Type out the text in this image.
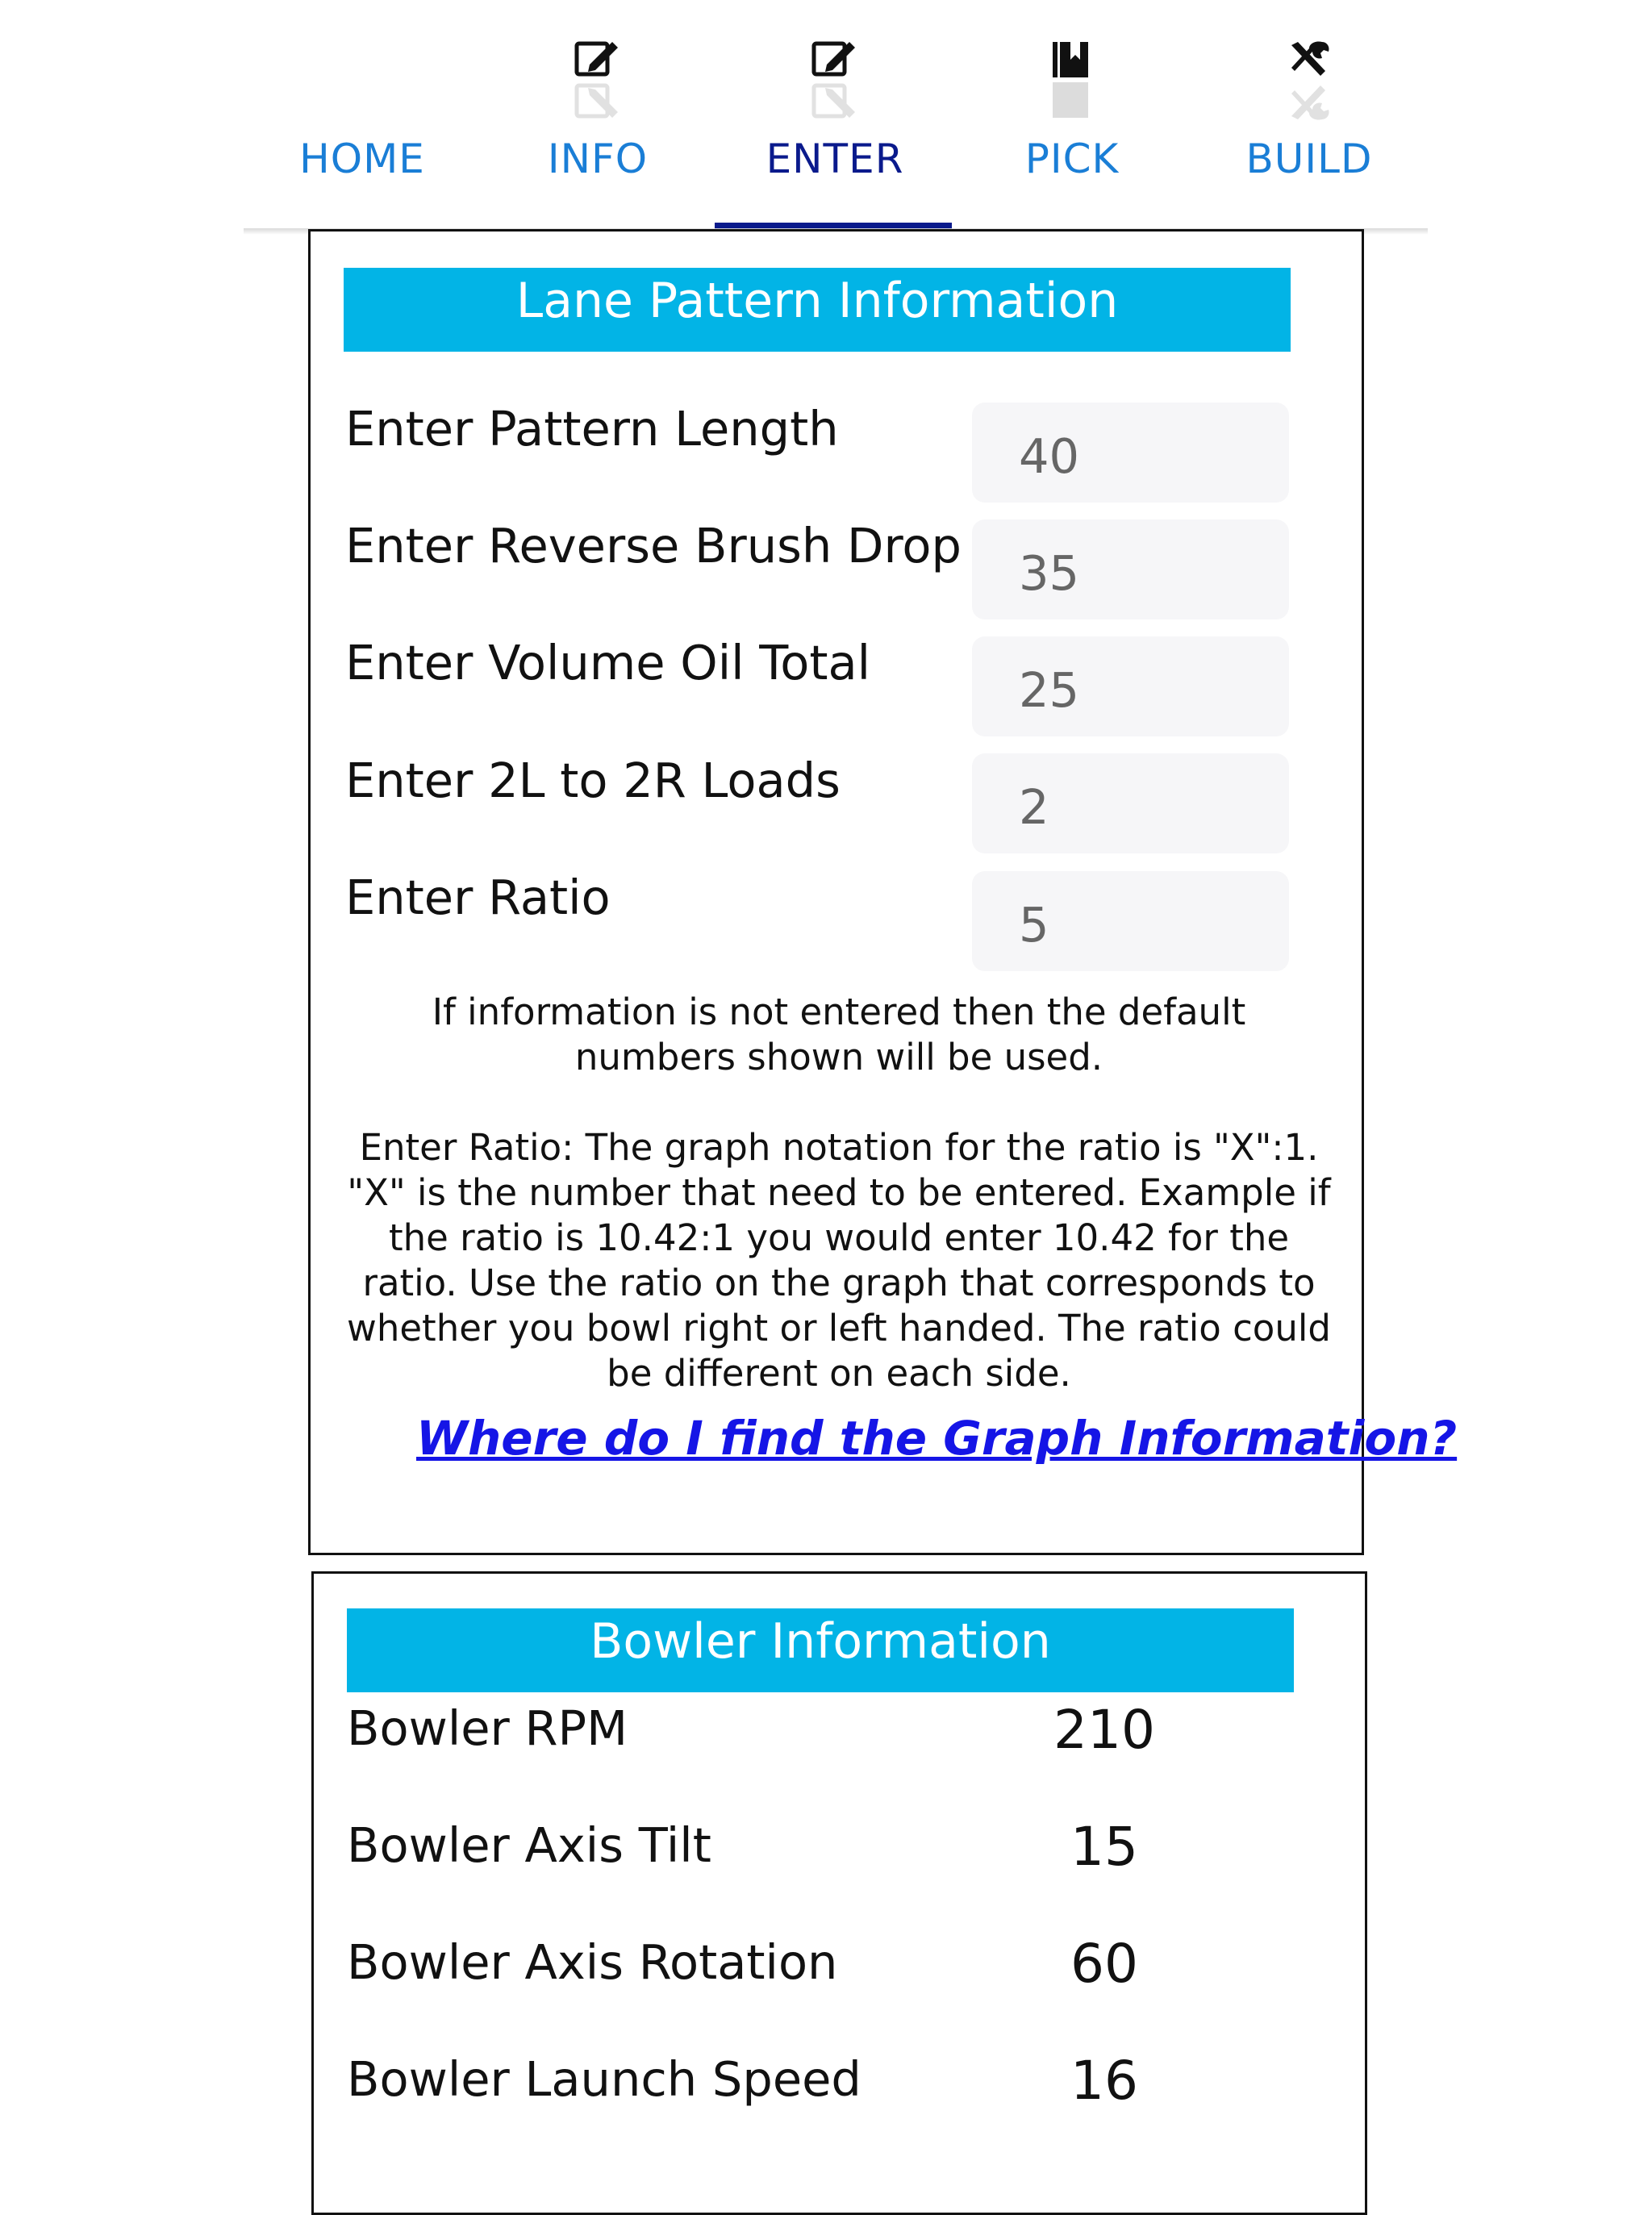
HOME	INFO	ENTER	PICK	BUILD
Lane Pattern Information
Enter Pattern Length	40
Enter Reverse Brush Drop	35
Enter Volume Oil Total	25
Enter 2L to 2R Loads	2
Enter Ratio	5
If information is not entered then the default numbers shown will be used.
Enter Ratio: The graph notation for the ratio is "X":1. "X" is the number that need to be entered. Example if the ratio is 10.42:1 you would enter 10.42 for the ratio. Use the ratio on the graph that corresponds to whether you bowl right or left handed. The ratio could be different on each side.
Where do I find the Graph Information?
Bowler Information
Bowler RPM	210
Bowler Axis Tilt	15
Bowler Axis Rotation	60
Bowler Launch Speed	16
